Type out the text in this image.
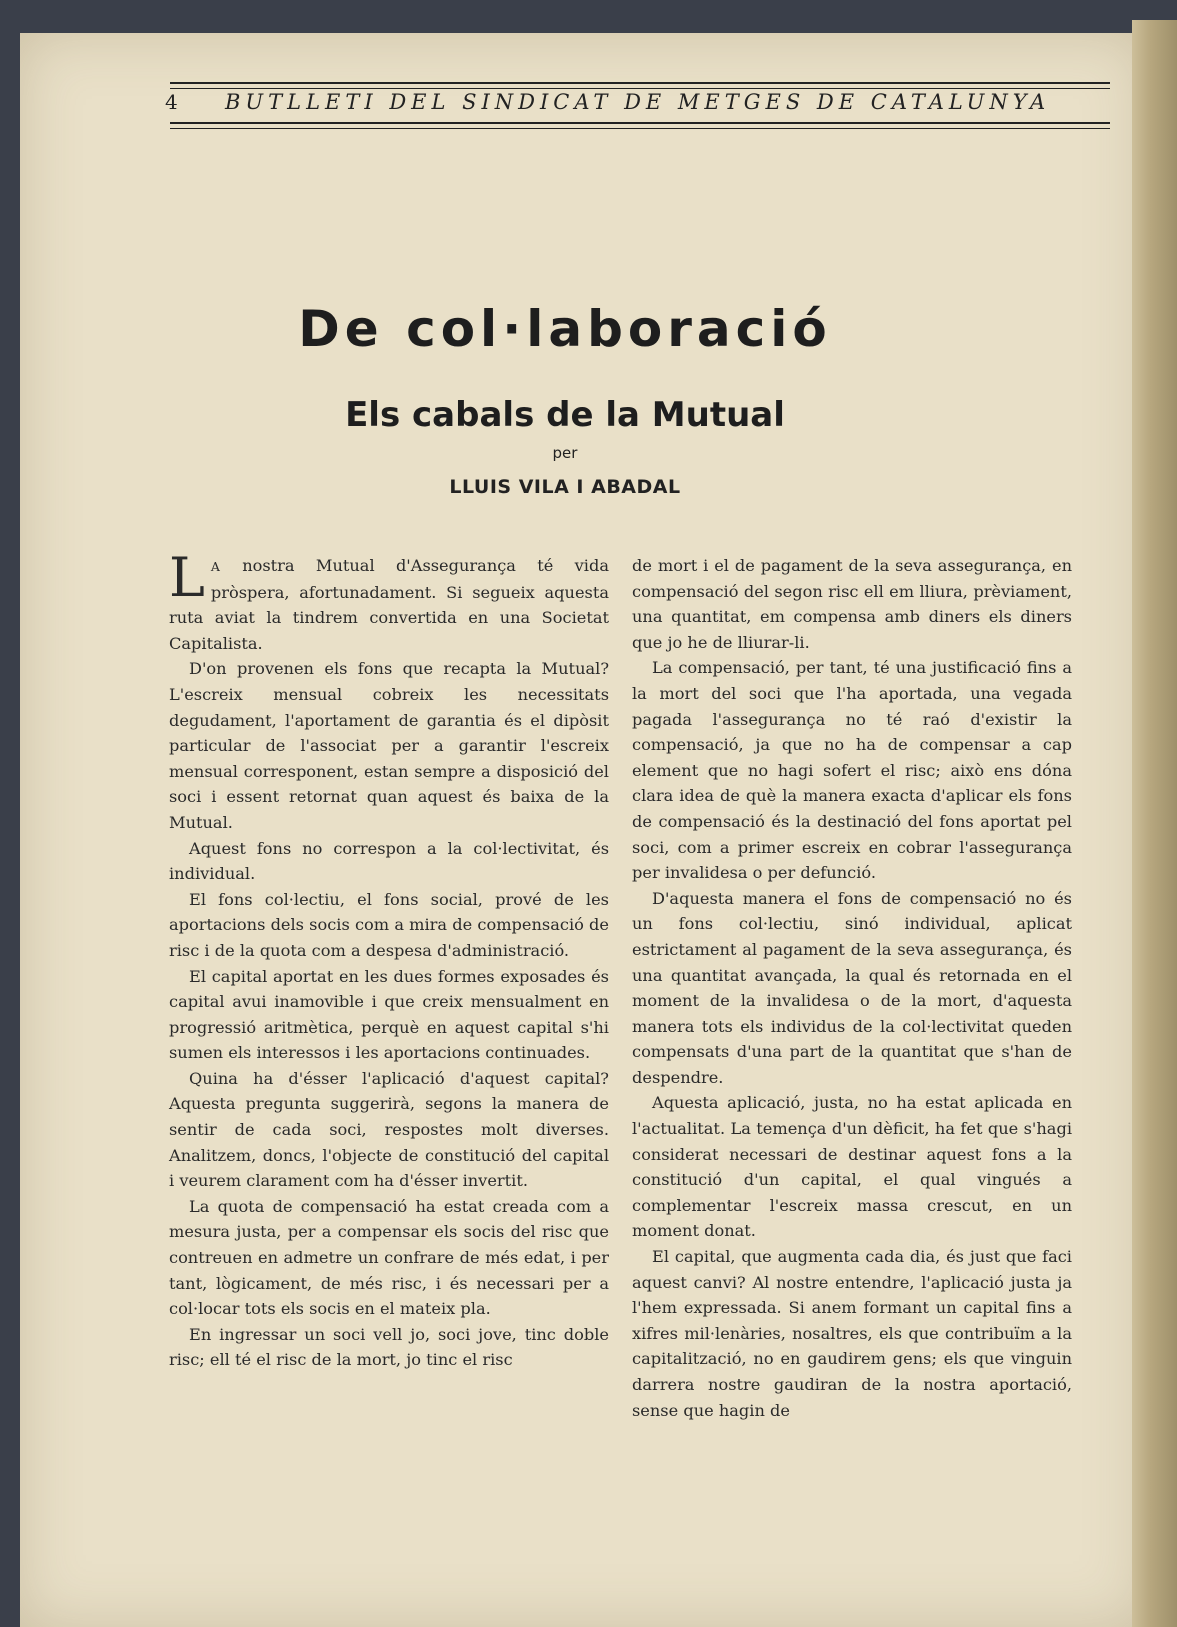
4 BUTLLETI DEL SINDICAT DE METGES DE CATALUNYA
De col·laboració
Els cabals de la Mutual
per
LLUIS VILA I ABADAL

L A nostra Mutual d'Assegurança té vida pròspera, afortunadament. Si segueix aquesta ruta aviat la tindrem convertida en una Societat Capitalista.

D'on provenen els fons que recapta la Mutual? L'escreix mensual cobreix les necessitats degudament, l'aportament de garantia és el dipòsit particular de l'associat per a garantir l'escreix mensual corresponent, estan sempre a disposició del soci i essent retornat quan aquest és baixa de la Mutual.

Aquest fons no correspon a la col·lectivitat, és individual.

El fons col·lectiu, el fons social, prové de les aportacions dels socis com a mira de compensació de risc i de la quota com a despesa d'administració.

El capital aportat en les dues formes exposades és capital avui inamovible i que creix mensualment en progressió aritmètica, perquè en aquest capital s'hi sumen els interessos i les aportacions continuades.

Quina ha d'ésser l'aplicació d'aquest capital? Aquesta pregunta suggerirà, segons la manera de sentir de cada soci, respostes molt diverses. Analitzem, doncs, l'objecte de constitució del capital i veurem clarament com ha d'ésser invertit.

La quota de compensació ha estat creada com a mesura justa, per a compensar els socis del risc que contreuen en admetre un confrare de més edat, i per tant, lògicament, de més risc, i és necessari per a col·locar tots els socis en el mateix pla.

En ingressar un soci vell jo, soci jove, tinc doble risc; ell té el risc de la mort, jo tinc el risc

de mort i el de pagament de la seva assegurança, en compensació del segon risc ell em lliura, prèviament, una quantitat, em compensa amb diners els diners que jo he de lliurar-li.

La compensació, per tant, té una justificació fins a la mort del soci que l'ha aportada, una vegada pagada l'assegurança no té raó d'existir la compensació, ja que no ha de compensar a cap element que no hagi sofert el risc; això ens dóna clara idea de què la manera exacta d'aplicar els fons de compensació és la destinació del fons aportat pel soci, com a primer escreix en cobrar l'assegurança per invalidesa o per defunció.

D'aquesta manera el fons de compensació no és un fons col·lectiu, sinó individual, aplicat estrictament al pagament de la seva assegurança, és una quantitat avançada, la qual és retornada en el moment de la invalidesa o de la mort, d'aquesta manera tots els individus de la col·lectivitat queden compensats d'una part de la quantitat que s'han de despendre.

Aquesta aplicació, justa, no ha estat aplicada en l'actualitat. La temença d'un dèficit, ha fet que s'hagi considerat necessari de destinar aquest fons a la constitució d'un capital, el qual vingués a complementar l'escreix massa crescut, en un moment donat.

El capital, que augmenta cada dia, és just que faci aquest canvi? Al nostre entendre, l'aplicació justa ja l'hem expressada. Si anem formant un capital fins a xifres mil·lenàries, nosaltres, els que contribuïm a la capitalització, no en gaudirem gens; els que vinguin darrera nostre gaudiran de la nostra aportació, sense que hagin de
